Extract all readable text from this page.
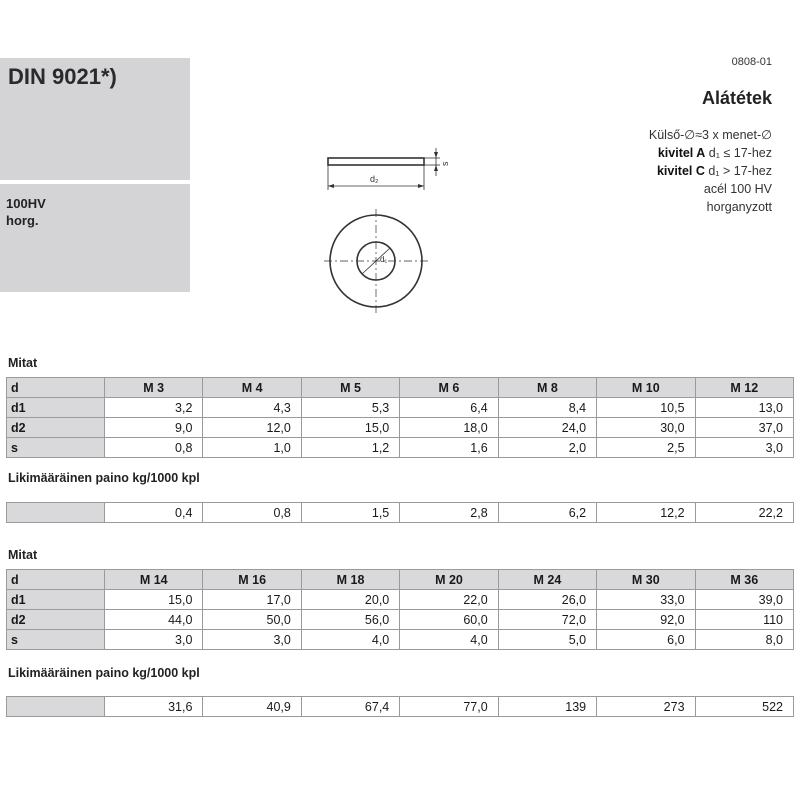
DIN 9021*)
100HV
horg.
0808-01
Alátétek
Külső-∅≈3 x menet-∅
kivitel A d₁ ≤ 17-hez
kivitel C d₁ > 17-hez
acél 100 HV
horganyzott
d₂
s
d₁
Mitat
d	M 3	M 4	M 5	M 6	M 8	M 10	M 12
d1	3,2	4,3	5,3	6,4	8,4	10,5	13,0
d2	9,0	12,0	15,0	18,0	24,0	30,0	37,0
s	0,8	1,0	1,2	1,6	2,0	2,5	3,0
Likimääräinen paino kg/1000 kpl
	0,4	0,8	1,5	2,8	6,2	12,2	22,2
Mitat
d	M 14	M 16	M 18	M 20	M 24	M 30	M 36
d1	15,0	17,0	20,0	22,0	26,0	33,0	39,0
d2	44,0	50,0	56,0	60,0	72,0	92,0	110
s	3,0	3,0	4,0	4,0	5,0	6,0	8,0
Likimääräinen paino kg/1000 kpl
	31,6	40,9	67,4	77,0	139	273	522
